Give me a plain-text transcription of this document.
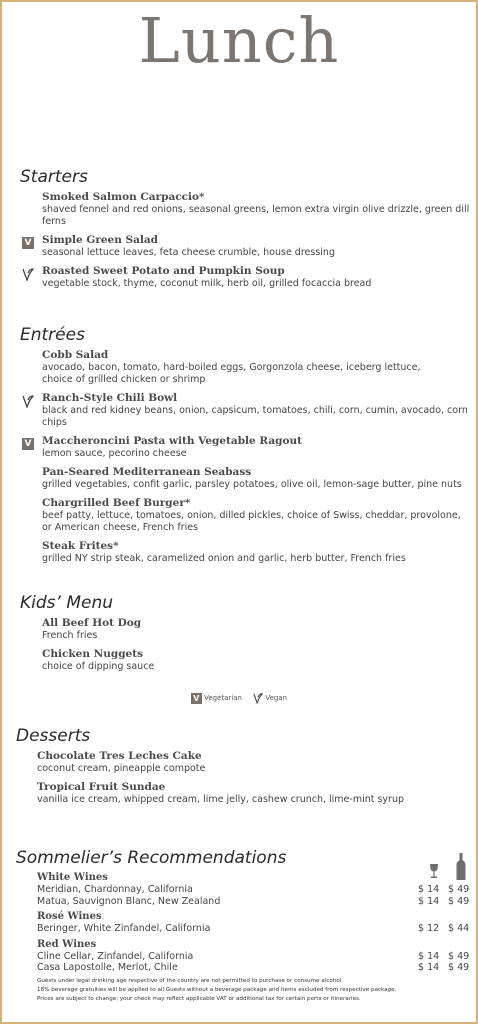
Lunch
Starters
Smoked Salmon Carpaccio*
shaved fennel and red onions, seasonal greens, lemon extra virgin olive drizzle, green dill ferns
V Simple Green Salad
seasonal lettuce leaves, feta cheese crumble, house dressing
Roasted Sweet Potato and Pumpkin Soup
vegetable stock, thyme, coconut milk, herb oil, grilled focaccia bread
Entrées
Cobb Salad
avocado, bacon, tomato, hard-boiled eggs, Gorgonzola cheese, iceberg lettuce,
choice of grilled chicken or shrimp
Ranch-Style Chili Bowl
black and red kidney beans, onion, capsicum, tomatoes, chili, corn, cumin, avocado, corn chips
V Maccheroncini Pasta with Vegetable Ragout
lemon sauce, pecorino cheese
Pan-Seared Mediterranean Seabass
grilled vegetables, confit garlic, parsley potatoes, olive oil, lemon-sage butter, pine nuts
Chargrilled Beef Burger*
beef patty, lettuce, tomatoes, onion, dilled pickles, choice of Swiss, cheddar, provolone,
or American cheese, French fries
Steak Frites*
grilled NY strip steak, caramelized onion and garlic, herb butter, French fries
Kids’ Menu
All Beef Hot Dog
French fries
Chicken Nuggets
choice of dipping sauce
V Vegetarian	Vegan
Desserts
Chocolate Tres Leches Cake
coconut cream, pineapple compote
Tropical Fruit Sundae
vanilla ice cream, whipped cream, lime jelly, cashew crunch, lime-mint syrup
Sommelier’s Recommendations
White Wines
Meridian, Chardonnay, California	$ 14 $ 49
Matua, Sauvignon Blanc, New Zealand	$ 14 $ 49
Rosé Wines
Beringer, White Zinfandel, California	$ 12 $ 44
Red Wines
Cline Cellar, Zinfandel, California	$ 14 $ 49
Casa Lapostolle, Merlot, Chile	$ 14 $ 49
Guests under legal drinking age respective of the country are not permitted to purchase or consume alcohol.
18% beverage gratuities will be applied to all Guests without a beverage package and items excluded from respective package.
Prices are subject to change; your check may reflect applicable VAT or additional tax for certain ports or itineraries.
